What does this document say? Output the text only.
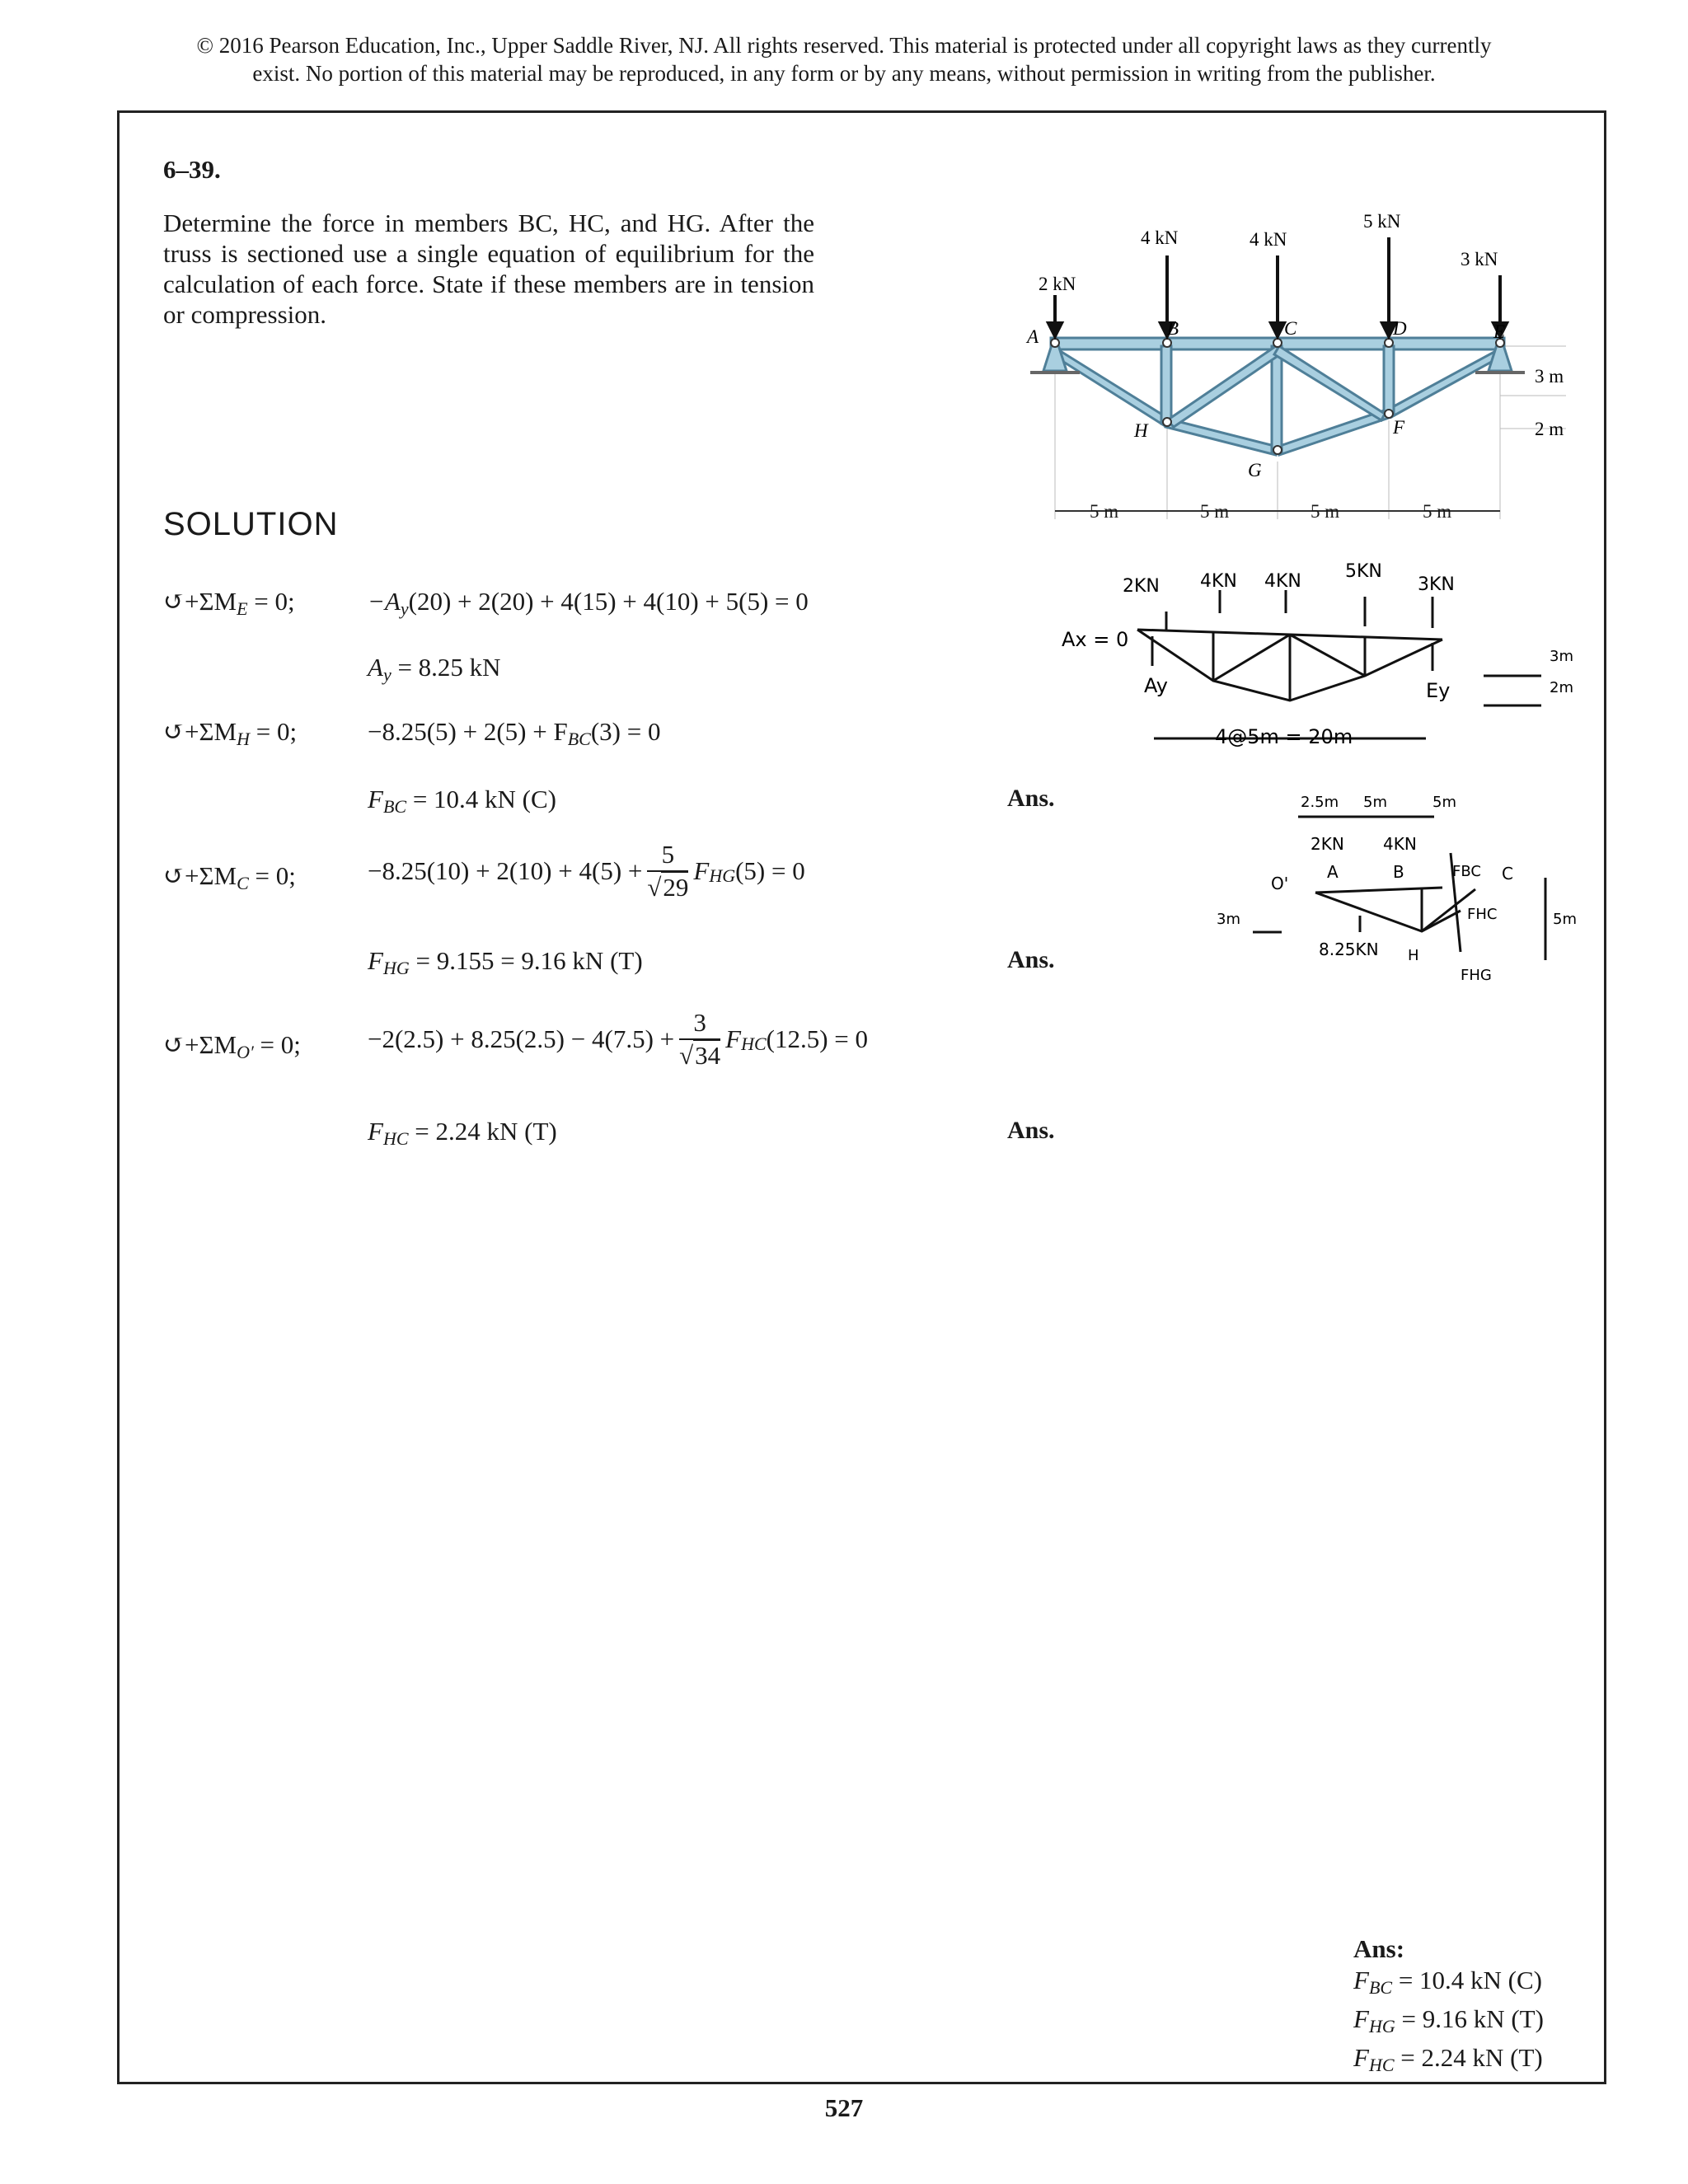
© 2016 Pearson Education, Inc., Upper Saddle River, NJ. All rights reserved. This material is protected under all copyright laws as they currently
exist. No portion of this material may be reproduced, in any form or by any means, without permission in writing from the publisher.
6–39.
Determine the force in members BC, HC, and HG. After the truss is sectioned use a single equation of equilibrium for the calculation of each force. State if these members are in tension or compression.
SOLUTION
$↺+\Sigma M_E = 0$;	$-A_y(20) + 2(20) + 4(15) + 4(10) + 5(5) = 0$
$A_y = 8.25$ kN
$↺+\Sigma M_H = 0$;	$-8.25(5) + 2(5) + F_{BC}(3) = 0$
$F_{BC} = 10.4$ kN (C)	Ans.
$↺+\Sigma M_C = 0$;	$-8.25(10) + 2(10) + 4(5) + \frac{5}{√29} F_{HG}(5) = 0$
$F_{HG} = 9.155 = 9.16$ kN (T)	Ans.
$↺+\Sigma M_{O'} = 0$;	$-2(2.5) + 8.25(2.5) - 4(7.5) + \frac{3}{√34} F_{HC}(12.5) = 0$
$F_{HC} = 2.24$ kN (T)	Ans.
2 kN
4 kN	4 kN
5 kN
3 kN
A	B	C	D	E
H
G
F
3 m
2 m
5 m	5 m	5 m	5 m
2KN 4KN 4KN 5KN
3KN
Ax = 0
Ay	Ey
4@5m = 20m
3m
2m
2.5m 5m	5m
2KN 4KN
O'
A	B	C
H
FBC
FHC
FHG
8.25KN
3m	5m
Ans:
$F_{BC} = 10.4$ kN (C)
$F_{HG} = 9.16$ kN (T)
$F_{HC} = 2.24$ kN (T)
527
